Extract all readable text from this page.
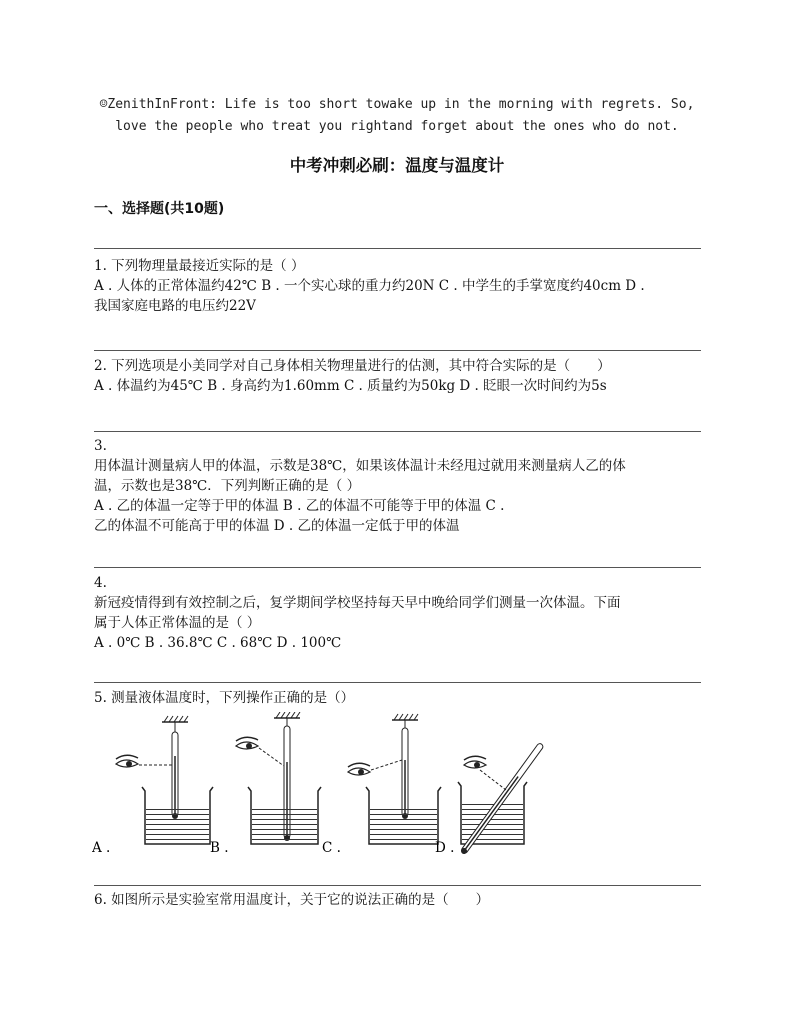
☺ZenithInFront: Life is too short towake up in the morning with regrets. So,
love the people who treat you rightand forget about the ones who do not.
中考冲刺必刷：温度与温度计
一、选择题(共10题)

1. 下列物理量最接近实际的是（ ）

A . 人体的正常体温约42℃ B . 一个实心球的重力约20N C . 中学生的手掌宽度约40cm D .

我国家庭电路的电压约22V

2. 下列选项是小美同学对自己身体相关物理量进行的估测，其中符合实际的是（　　）

A . 体温约为45℃ B . 身高约为1.60mm C . 质量约为50kg D . 眨眼一次时间约为5s

3.

用体温计测量病人甲的体温，示数是38℃，如果该体温计未经甩过就用来测量病人乙的体

温，示数也是38℃．下列判断正确的是（ ）

A . 乙的体温一定等于甲的体温 B . 乙的体温不可能等于甲的体温 C .

乙的体温不可能高于甲的体温 D . 乙的体温一定低于甲的体温

4.

新冠疫情得到有效控制之后，复学期间学校坚持每天早中晚给同学们测量一次体温。下面

属于人体正常体温的是（ ）

A . 0℃ B . 36.8℃ C . 68℃ D . 100℃

5. 测量液体温度时，下列操作正确的是（）

A .	B .	C .	D .

6. 如图所示是实验室常用温度计，关于它的说法正确的是（　　）
